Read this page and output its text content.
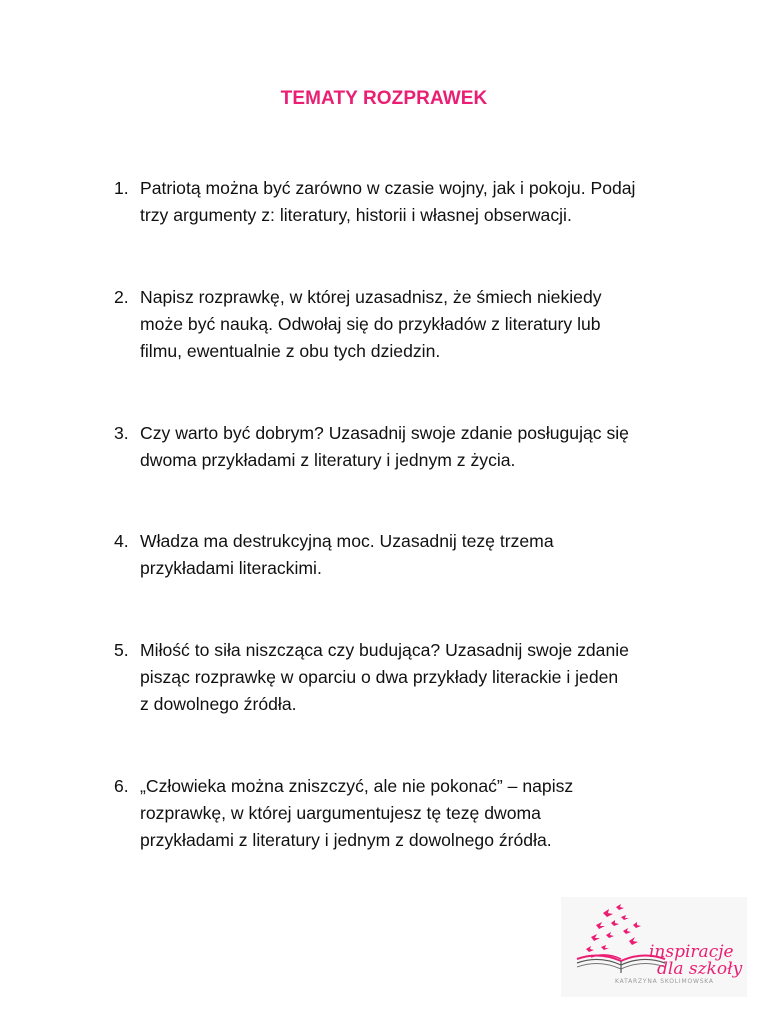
TEMATY ROZPRAWEK
1. Patriotą można być zarówno w czasie wojny, jak i pokoju. Podaj
trzy argumenty z: literatury, historii i własnej obserwacji.
2. Napisz rozprawkę, w której uzasadnisz, że śmiech niekiedy
może być nauką. Odwołaj się do przykładów z literatury lub
filmu, ewentualnie z obu tych dziedzin.
3. Czy warto być dobrym? Uzasadnij swoje zdanie posługując się
dwoma przykładami z literatury i jednym z życia.
4. Władza ma destrukcyjną moc. Uzasadnij tezę trzema
przykładami literackimi.
5. Miłość to siła niszcząca czy budująca? Uzasadnij swoje zdanie
pisząc rozprawkę w oparciu o dwa przykłady literackie i jeden
z dowolnego źródła.
6. „Człowieka można zniszczyć, ale nie pokonać” – napisz
rozprawkę, w której uargumentujesz tę tezę dwoma
przykładami z literatury i jednym z dowolnego źródła.
inspiracje
dla szkoły
KATARZYNA SKOLIMOWSKA
